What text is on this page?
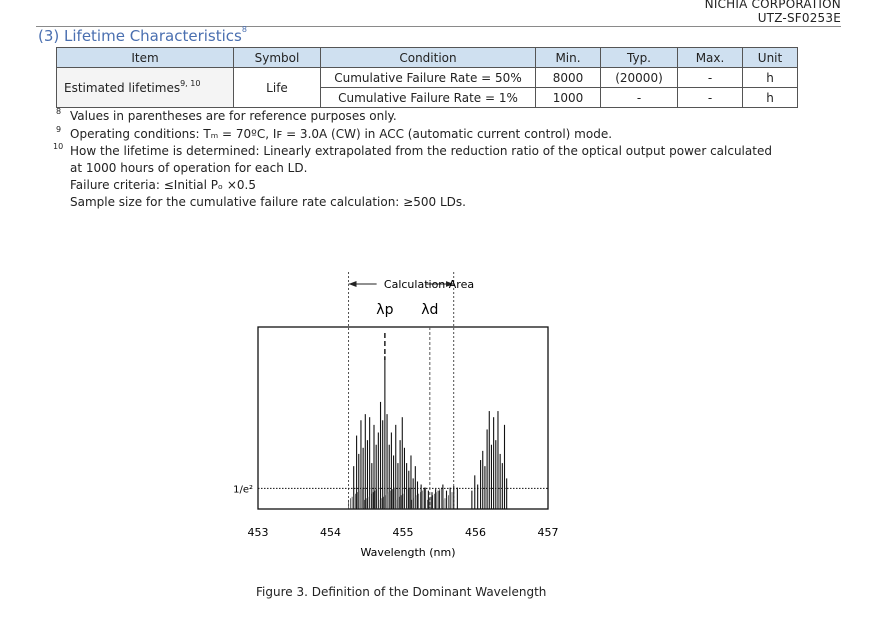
NICHIA CORPORATION
UTZ-SF0253E
(3) Lifetime Characteristics$^8$
Item	Symbol	Condition	Min.	Typ.	Max.	Unit
Estimated lifetimes$^{9, 10}$	Life	Cumulative Failure Rate = 50%	8000	(20000)	-	h
		Cumulative Failure Rate = 1%	1000	-	-	h
8 Values in parentheses are for reference purposes only.
9 Operating conditions: Tₘ = 70ºC, Iꜰ = 3.0A (CW) in ACC (automatic current control) mode.
10 How the lifetime is determined: Linearly extrapolated from the reduction ratio of the optical output power calculated
at 1000 hours of operation for each LD.
Failure criteria: ≤Initial Pₒ ×0.5
Sample size for the cumulative failure rate calculation: ≥500 LDs.
1/e²
λp λd
Calculation Area
453	454	455	456	457
Wavelength (nm)
Figure 3. Definition of the Dominant Wavelength
